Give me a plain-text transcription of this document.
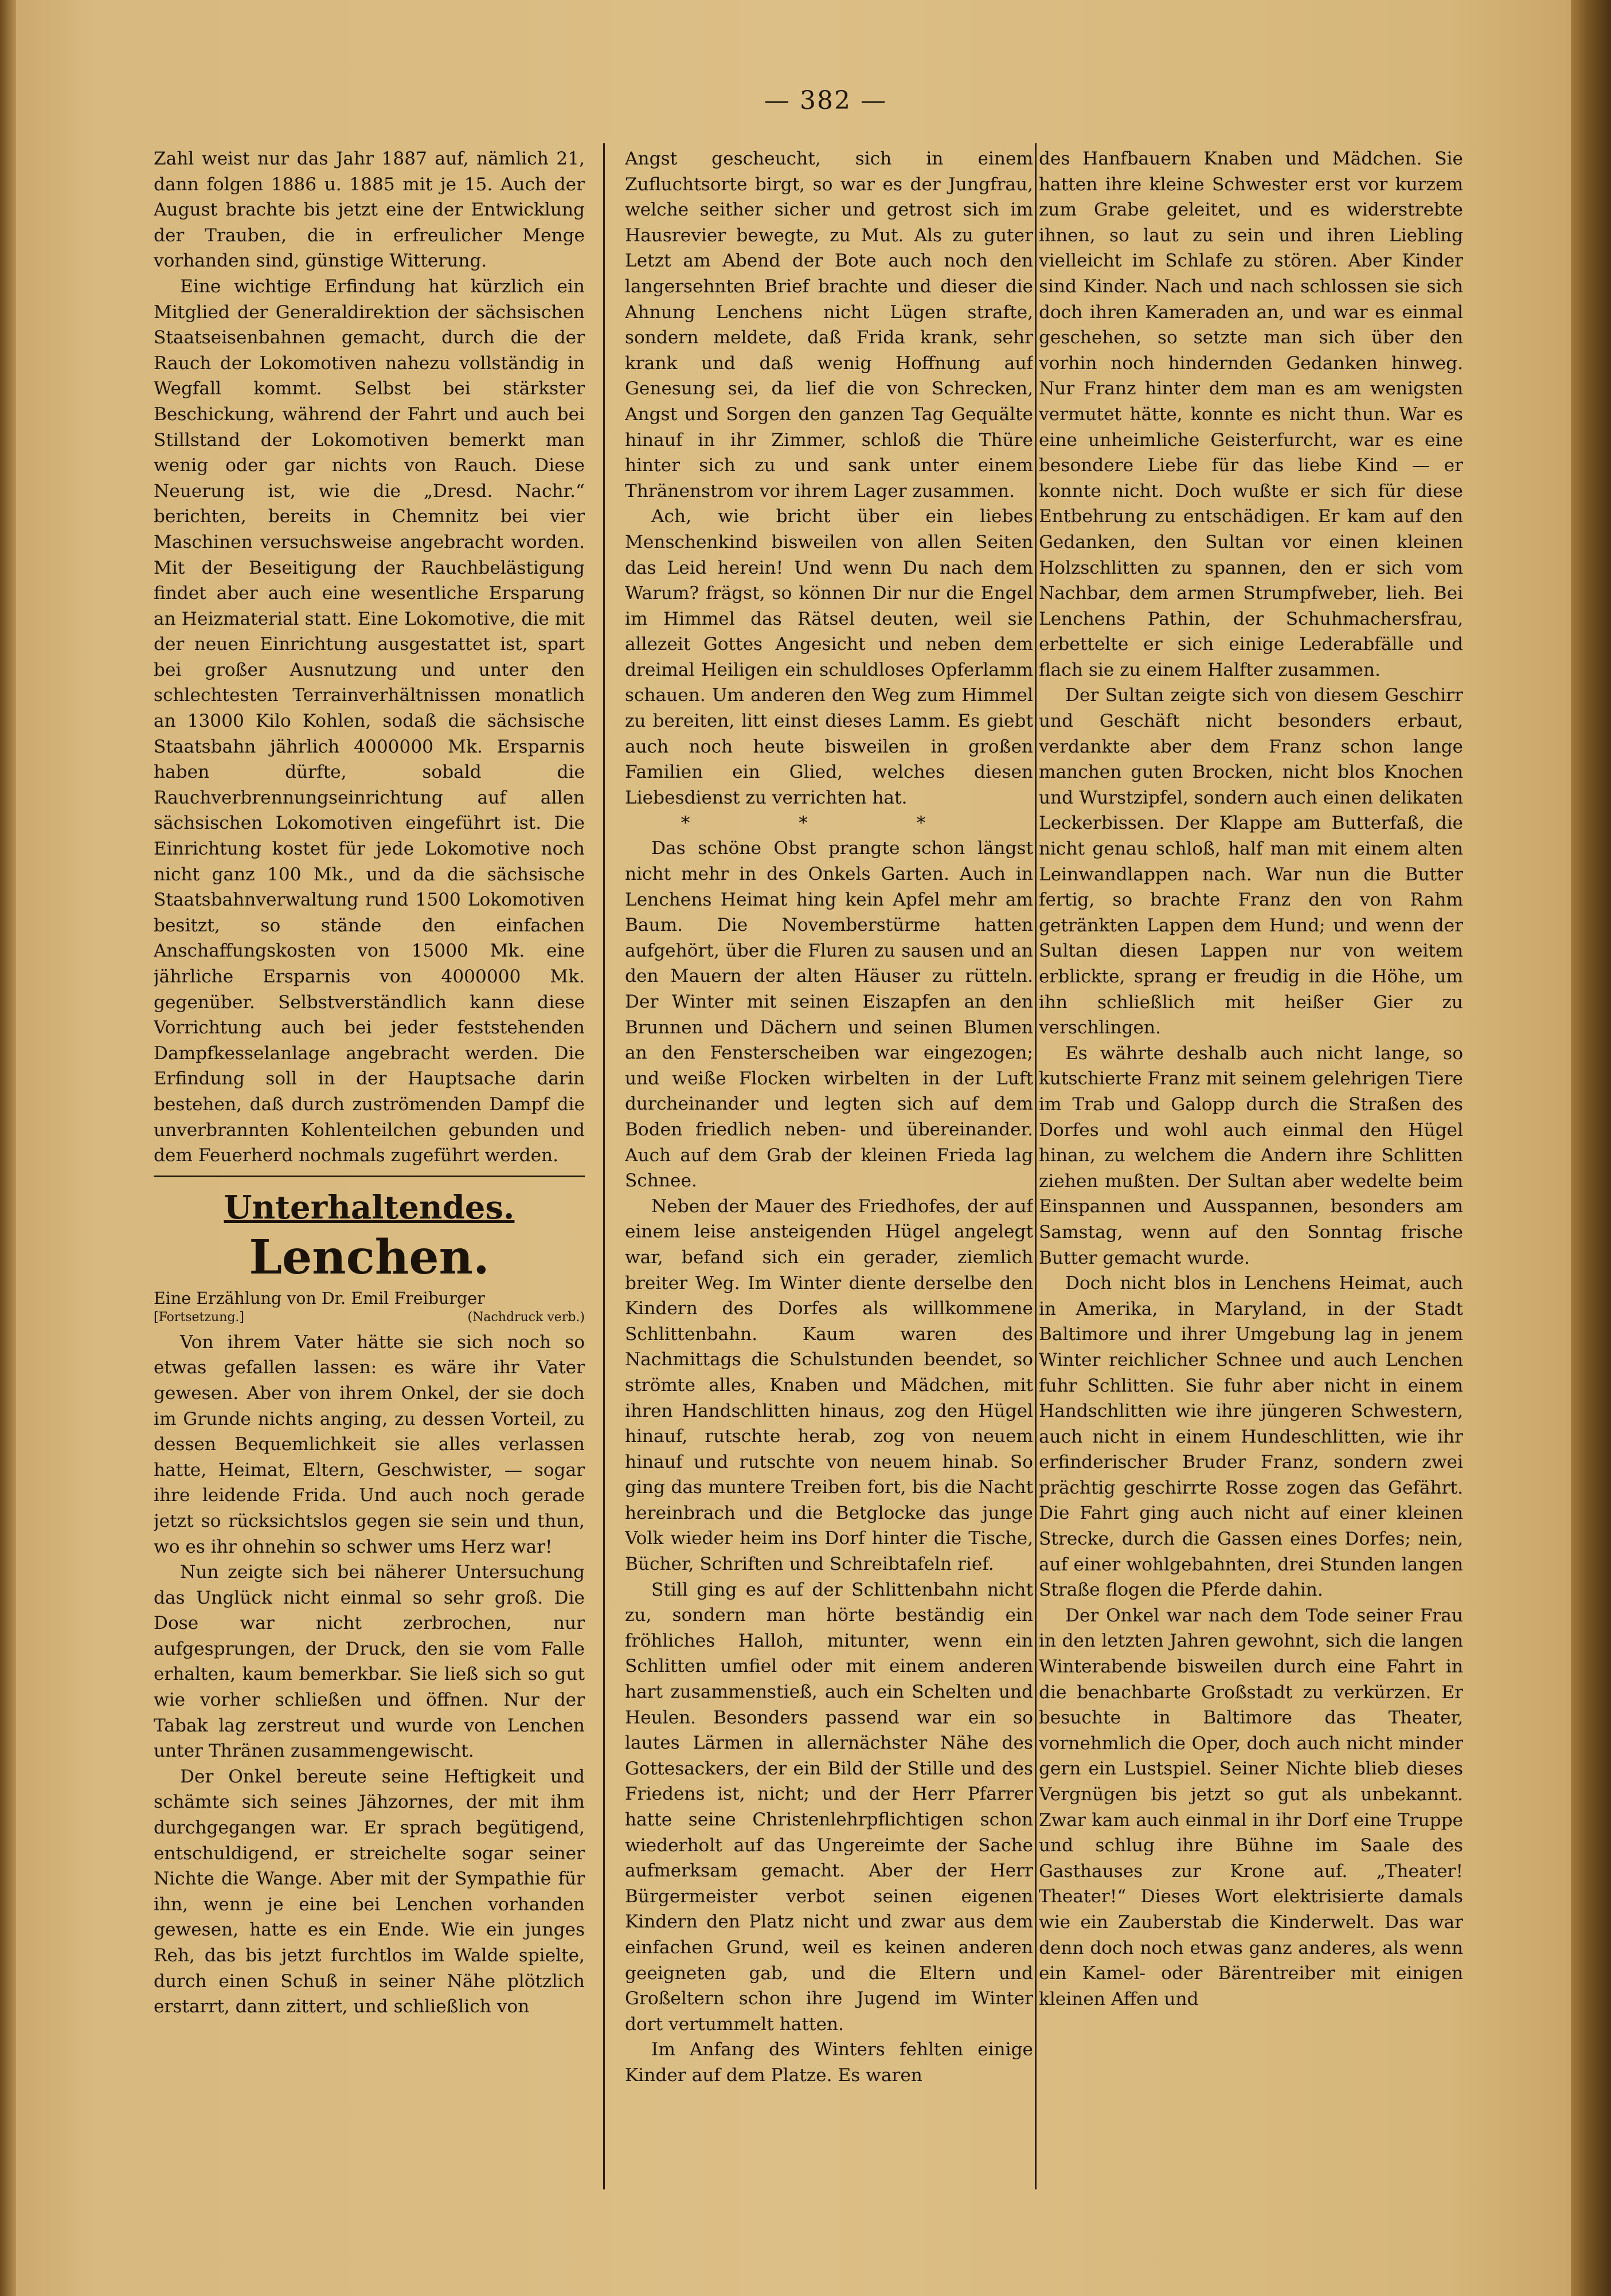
— 382 —

Zahl weist nur das Jahr 1887 auf, nämlich 21, dann folgen 1886 u. 1885 mit je 15. Auch der August brachte bis jetzt eine der Entwicklung der Trauben, die in erfreulicher Menge vorhanden sind, günstige Witterung.

Eine wichtige Erfindung hat kürzlich ein Mitglied der Generaldirektion der sächsischen Staatseisenbahnen gemacht, durch die der Rauch der Lokomotiven nahezu vollständig in Wegfall kommt. Selbst bei stärkster Beschickung, während der Fahrt und auch bei Stillstand der Lokomotiven bemerkt man wenig oder gar nichts von Rauch. Diese Neuerung ist, wie die „Dresd. Nachr.“ berichten, bereits in Chemnitz bei vier Maschinen versuchsweise angebracht worden. Mit der Beseitigung der Rauchbelästigung findet aber auch eine wesentliche Ersparung an Heizmaterial statt. Eine Lokomotive, die mit der neuen Einrichtung ausgestattet ist, spart bei großer Ausnutzung und unter den schlechtesten Terrainverhältnissen monatlich an 13000 Kilo Kohlen, sodaß die sächsische Staatsbahn jährlich 4000000 Mk. Ersparnis haben dürfte, sobald die Rauchverbrennungseinrichtung auf allen sächsischen Lokomotiven eingeführt ist. Die Einrichtung kostet für jede Lokomotive noch nicht ganz 100 Mk., und da die sächsische Staatsbahnverwaltung rund 1500 Lokomotiven besitzt, so stände den einfachen Anschaffungskosten von 15000 Mk. eine jährliche Ersparnis von 4000000 Mk. gegenüber. Selbstverständlich kann diese Vorrichtung auch bei jeder feststehenden Dampfkesselanlage angebracht werden. Die Erfindung soll in der Hauptsache darin bestehen, daß durch zuströmenden Dampf die unverbrannten Kohlenteilchen gebunden und dem Feuerherd nochmals zugeführt werden.

Unterhaltendes.
Lenchen.
Eine Erzählung von Dr. Emil Freiburger
[Fortsetzung.]	(Nachdruck verb.)

Von ihrem Vater hätte sie sich noch so etwas gefallen lassen: es wäre ihr Vater gewesen. Aber von ihrem Onkel, der sie doch im Grunde nichts anging, zu dessen Vorteil, zu dessen Bequemlichkeit sie alles verlassen hatte, Heimat, Eltern, Geschwister, — sogar ihre leidende Frida. Und auch noch gerade jetzt so rücksichtslos gegen sie sein und thun, wo es ihr ohnehin so schwer ums Herz war!

Nun zeigte sich bei näherer Untersuchung das Unglück nicht einmal so sehr groß. Die Dose war nicht zerbrochen, nur aufgesprungen, der Druck, den sie vom Falle erhalten, kaum bemerkbar. Sie ließ sich so gut wie vorher schließen und öffnen. Nur der Tabak lag zerstreut und wurde von Lenchen unter Thränen zusammengewischt.

Der Onkel bereute seine Heftigkeit und schämte sich seines Jähzornes, der mit ihm durchgegangen war. Er sprach begütigend, entschuldigend, er streichelte sogar seiner Nichte die Wange. Aber mit der Sympathie für ihn, wenn je eine bei Lenchen vorhanden gewesen, hatte es ein Ende. Wie ein junges Reh, das bis jetzt furchtlos im Walde spielte, durch einen Schuß in seiner Nähe plötzlich erstarrt, dann zittert, und schließlich von

Angst gescheucht, sich in einem Zufluchtsorte birgt, so war es der Jungfrau, welche seither sicher und getrost sich im Hausrevier bewegte, zu Mut. Als zu guter Letzt am Abend der Bote auch noch den langersehnten Brief brachte und dieser die Ahnung Lenchens nicht Lügen strafte, sondern meldete, daß Frida krank, sehr krank und daß wenig Hoffnung auf Genesung sei, da lief die von Schrecken, Angst und Sorgen den ganzen Tag Gequälte hinauf in ihr Zimmer, schloß die Thüre hinter sich zu und sank unter einem Thränenstrom vor ihrem Lager zusammen.

Ach, wie bricht über ein liebes Menschenkind bisweilen von allen Seiten das Leid herein! Und wenn Du nach dem Warum? frägst, so können Dir nur die Engel im Himmel das Rätsel deuten, weil sie allezeit Gottes Angesicht und neben dem dreimal Heiligen ein schuldloses Opferlamm schauen. Um anderen den Weg zum Himmel zu bereiten, litt einst dieses Lamm. Es giebt auch noch heute bisweilen in großen Familien ein Glied, welches diesen Liebesdienst zu verrichten hat.

* * *

Das schöne Obst prangte schon längst nicht mehr in des Onkels Garten. Auch in Lenchens Heimat hing kein Apfel mehr am Baum. Die Novemberstürme hatten aufgehört, über die Fluren zu sausen und an den Mauern der alten Häuser zu rütteln. Der Winter mit seinen Eiszapfen an den Brunnen und Dächern und seinen Blumen an den Fensterscheiben war eingezogen; und weiße Flocken wirbelten in der Luft durcheinander und legten sich auf dem Boden friedlich neben- und übereinander. Auch auf dem Grab der kleinen Frieda lag Schnee.

Neben der Mauer des Friedhofes, der auf einem leise ansteigenden Hügel angelegt war, befand sich ein gerader, ziemlich breiter Weg. Im Winter diente derselbe den Kindern des Dorfes als willkommene Schlittenbahn. Kaum waren des Nachmittags die Schulstunden beendet, so strömte alles, Knaben und Mädchen, mit ihren Handschlitten hinaus, zog den Hügel hinauf, rutschte herab, zog von neuem hinauf und rutschte von neuem hinab. So ging das muntere Treiben fort, bis die Nacht hereinbrach und die Betglocke das junge Volk wieder heim ins Dorf hinter die Tische, Bücher, Schriften und Schreibtafeln rief.

Still ging es auf der Schlittenbahn nicht zu, sondern man hörte beständig ein fröhliches Halloh, mitunter, wenn ein Schlitten umfiel oder mit einem anderen hart zusammenstieß, auch ein Schelten und Heulen. Besonders passend war ein so lautes Lärmen in allernächster Nähe des Gottesackers, der ein Bild der Stille und des Friedens ist, nicht; und der Herr Pfarrer hatte seine Christenlehrpflichtigen schon wiederholt auf das Ungereimte der Sache aufmerksam gemacht. Aber der Herr Bürgermeister verbot seinen eigenen Kindern den Platz nicht und zwar aus dem einfachen Grund, weil es keinen anderen geeigneten gab, und die Eltern und Großeltern schon ihre Jugend im Winter dort vertummelt hatten.

Im Anfang des Winters fehlten einige Kinder auf dem Platze. Es waren

des Hanfbauern Knaben und Mädchen. Sie hatten ihre kleine Schwester erst vor kurzem zum Grabe geleitet, und es widerstrebte ihnen, so laut zu sein und ihren Liebling vielleicht im Schlafe zu stören. Aber Kinder sind Kinder. Nach und nach schlossen sie sich doch ihren Kameraden an, und war es einmal geschehen, so setzte man sich über den vorhin noch hindernden Gedanken hinweg. Nur Franz hinter dem man es am wenigsten vermutet hätte, konnte es nicht thun. War es eine unheimliche Geisterfurcht, war es eine besondere Liebe für das liebe Kind — er konnte nicht. Doch wußte er sich für diese Entbehrung zu entschädigen. Er kam auf den Gedanken, den Sultan vor einen kleinen Holzschlitten zu spannen, den er sich vom Nachbar, dem armen Strumpfweber, lieh. Bei Lenchens Pathin, der Schuhmachersfrau, erbettelte er sich einige Lederabfälle und flach sie zu einem Halfter zusammen.

Der Sultan zeigte sich von diesem Geschirr und Geschäft nicht besonders erbaut, verdankte aber dem Franz schon lange manchen guten Brocken, nicht blos Knochen und Wurstzipfel, sondern auch einen delikaten Leckerbissen. Der Klappe am Butterfaß, die nicht genau schloß, half man mit einem alten Leinwandlappen nach. War nun die Butter fertig, so brachte Franz den von Rahm getränkten Lappen dem Hund; und wenn der Sultan diesen Lappen nur von weitem erblickte, sprang er freudig in die Höhe, um ihn schließlich mit heißer Gier zu verschlingen.

Es währte deshalb auch nicht lange, so kutschierte Franz mit seinem gelehrigen Tiere im Trab und Galopp durch die Straßen des Dorfes und wohl auch einmal den Hügel hinan, zu welchem die Andern ihre Schlitten ziehen mußten. Der Sultan aber wedelte beim Einspannen und Ausspannen, besonders am Samstag, wenn auf den Sonntag frische Butter gemacht wurde.

Doch nicht blos in Lenchens Heimat, auch in Amerika, in Maryland, in der Stadt Baltimore und ihrer Umgebung lag in jenem Winter reichlicher Schnee und auch Lenchen fuhr Schlitten. Sie fuhr aber nicht in einem Handschlitten wie ihre jüngeren Schwestern, auch nicht in einem Hundeschlitten, wie ihr erfinderischer Bruder Franz, sondern zwei prächtig geschirrte Rosse zogen das Gefährt. Die Fahrt ging auch nicht auf einer kleinen Strecke, durch die Gassen eines Dorfes; nein, auf einer wohlgebahnten, drei Stunden langen Straße flogen die Pferde dahin.

Der Onkel war nach dem Tode seiner Frau in den letzten Jahren gewohnt, sich die langen Winterabende bisweilen durch eine Fahrt in die benachbarte Großstadt zu verkürzen. Er besuchte in Baltimore das Theater, vornehmlich die Oper, doch auch nicht minder gern ein Lustspiel. Seiner Nichte blieb dieses Vergnügen bis jetzt so gut als unbekannt. Zwar kam auch einmal in ihr Dorf eine Truppe und schlug ihre Bühne im Saale des Gasthauses zur Krone auf. „Theater! Theater!“ Dieses Wort elektrisierte damals wie ein Zauberstab die Kinderwelt. Das war denn doch noch etwas ganz anderes, als wenn ein Kamel- oder Bärentreiber mit einigen kleinen Affen und
